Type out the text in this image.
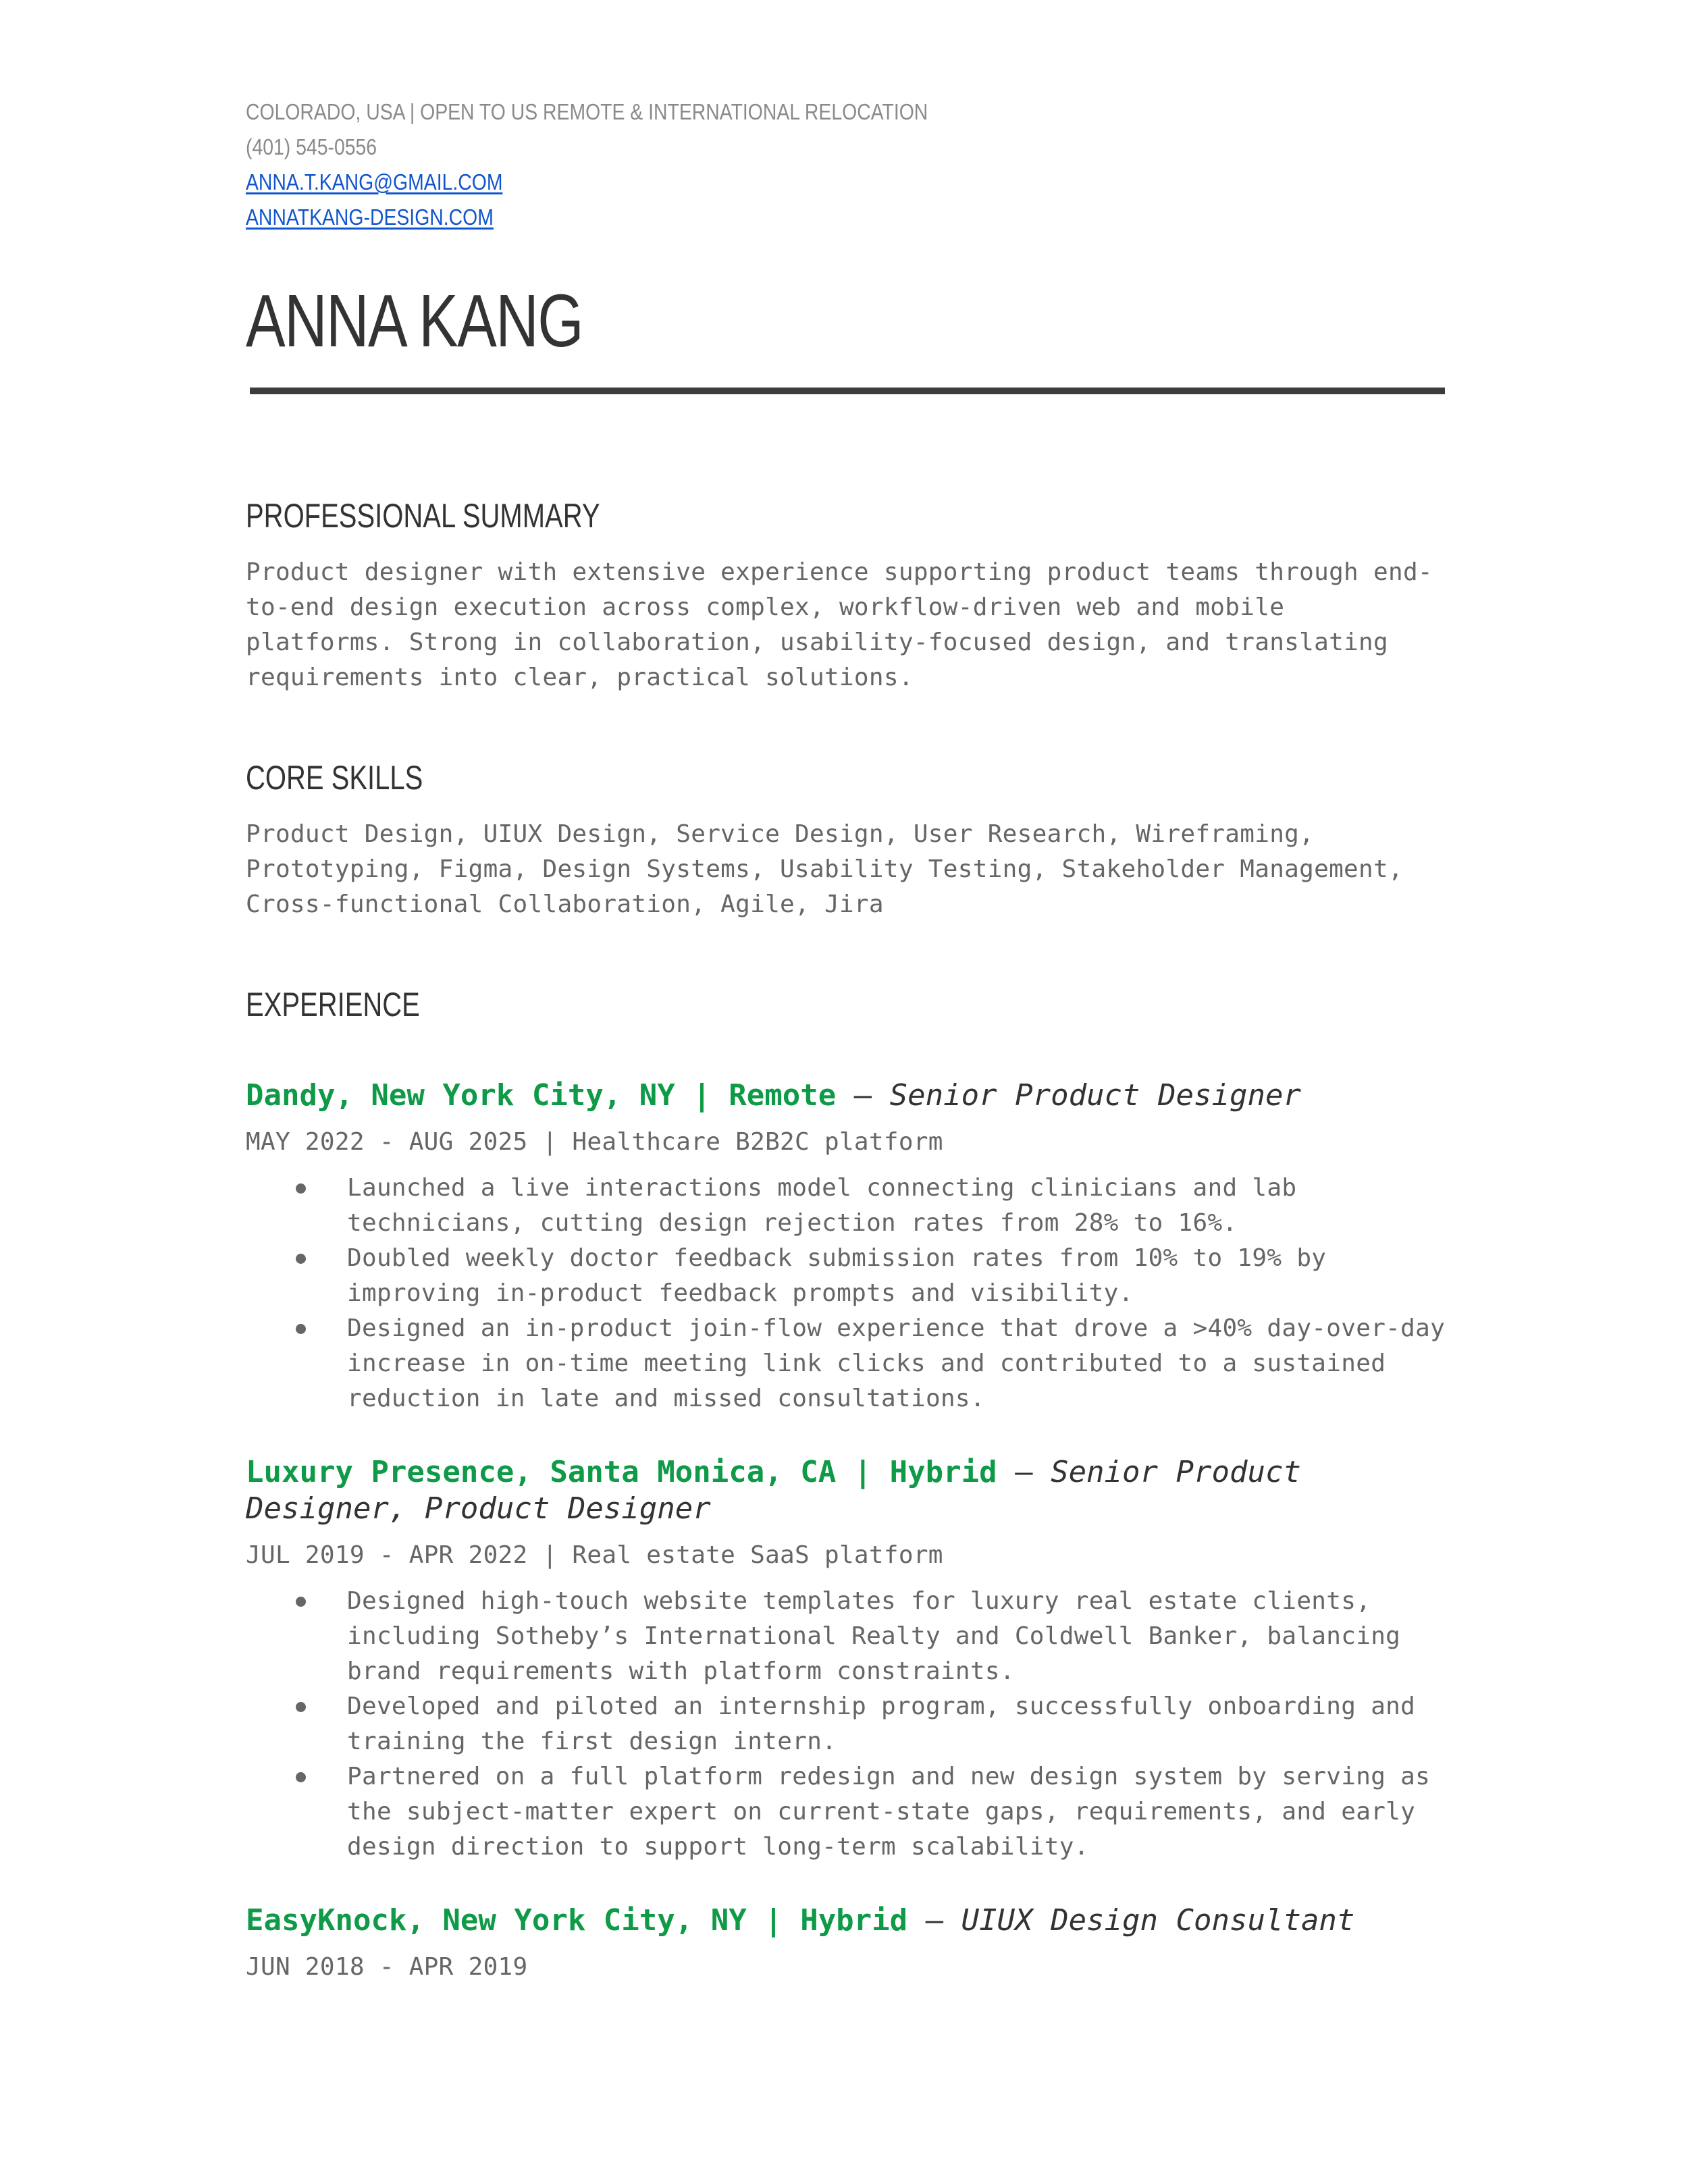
COLORADO, USA | OPEN TO US REMOTE & INTERNATIONAL RELOCATION
(401) 545-0556
ANNA.T.KANG@GMAIL.COM
ANNATKANG-DESIGN.COM
ANNA KANG
PROFESSIONAL SUMMARY
Product designer with extensive experience supporting product teams through end-to-end design execution across complex, workflow-driven web and mobile platforms. Strong in collaboration, usability-focused design, and translating requirements into clear, practical solutions.
CORE SKILLS
Product Design, UIUX Design, Service Design, User Research, Wireframing, Prototyping, Figma, Design Systems, Usability Testing, Stakeholder Management, Cross-functional Collaboration, Agile, Jira
EXPERIENCE
Dandy, New York City, NY | Remote – Senior Product Designer
MAY 2022 - AUG 2025 | Healthcare B2B2C platform
Launched a live interactions model connecting clinicians and lab technicians, cutting design rejection rates from 28% to 16%.
Doubled weekly doctor feedback submission rates from 10% to 19% by improving in-product feedback prompts and visibility.
Designed an in-product join-flow experience that drove a >40% day-over-day increase in on-time meeting link clicks and contributed to a sustained reduction in late and missed consultations.
Luxury Presence, Santa Monica, CA | Hybrid – Senior Product Designer, Product Designer
JUL 2019 - APR 2022 | Real estate SaaS platform
Designed high-touch website templates for luxury real estate clients, including Sotheby’s International Realty and Coldwell Banker, balancing brand requirements with platform constraints.
Developed and piloted an internship program, successfully onboarding and training the first design intern.
Partnered on a full platform redesign and new design system by serving as the subject-matter expert on current-state gaps, requirements, and early design direction to support long-term scalability.
EasyKnock, New York City, NY | Hybrid – UIUX Design Consultant
JUN 2018 - APR 2019
